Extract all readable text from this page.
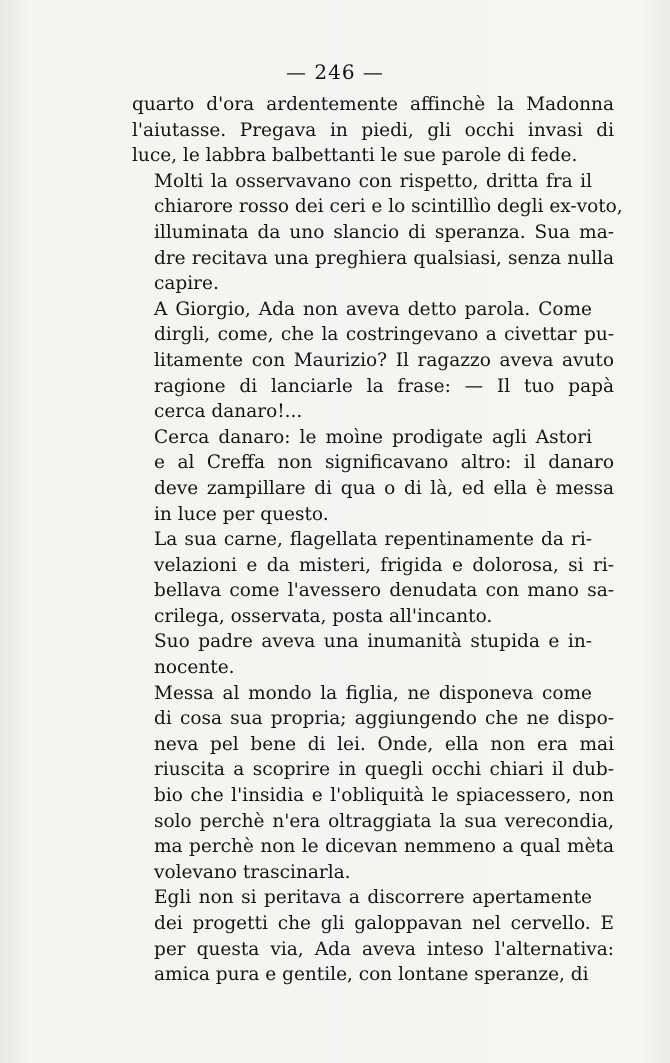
— 246 —

quarto d'ora ardentemente affinchè la Madonna
l'aiutasse. Pregava in piedi, gli occhi invasi di
luce, le labbra balbettanti le sue parole di fede.

Molti la osservavano con rispetto, dritta fra il
chiarore rosso dei ceri e lo scintillìo degli ex-voto,
illuminata da uno slancio di speranza. Sua ma-
dre recitava una preghiera qualsiasi, senza nulla
capire.

A Giorgio, Ada non aveva detto parola. Come
dirgli, come, che la costringevano a civettar pu-
litamente con Maurizio? Il ragazzo aveva avuto
ragione di lanciarle la frase: — Il tuo papà
cerca danaro!...

Cerca danaro: le moìne prodigate agli Astori
e al Creffa non significavano altro: il danaro
deve zampillare di qua o di là, ed ella è messa
in luce per questo.

La sua carne, flagellata repentinamente da ri-
velazioni e da misteri, frigida e dolorosa, si ri-
bellava come l'avessero denudata con mano sa-
crilega, osservata, posta all'incanto.

Suo padre aveva una inumanità stupida e in-
nocente.

Messa al mondo la figlia, ne disponeva come
di cosa sua propria; aggiungendo che ne dispo-
neva pel bene di lei. Onde, ella non era mai
riuscita a scoprire in quegli occhi chiari il dub-
bio che l'insidia e l'obliquità le spiacessero, non
solo perchè n'era oltraggiata la sua verecondia,
ma perchè non le dicevan nemmeno a qual mèta
volevano trascinarla.

Egli non si peritava a discorrere apertamente
dei progetti che gli galoppavan nel cervello. E
per questa via, Ada aveva inteso l'alternativa:
amica pura e gentile, con lontane speranze, di
